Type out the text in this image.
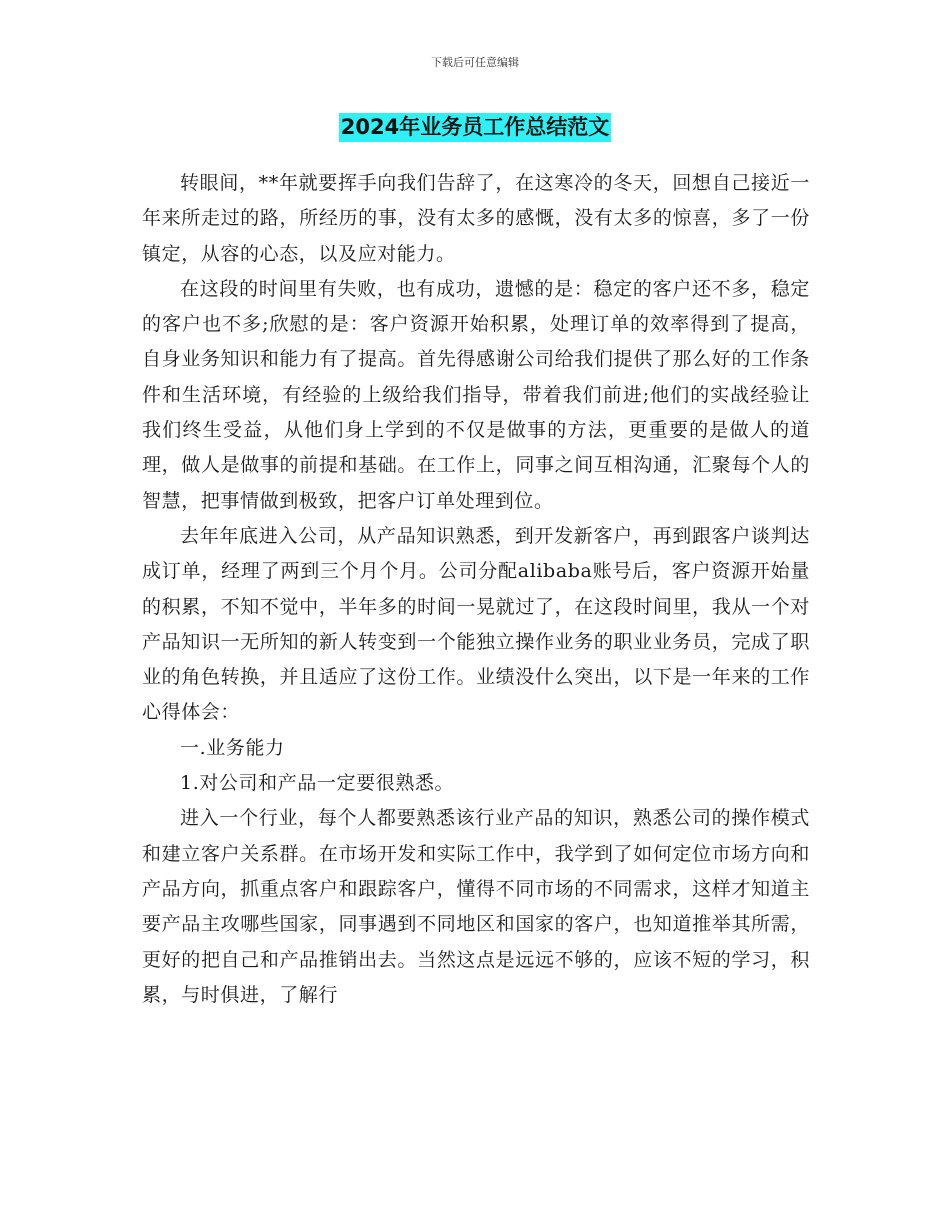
下载后可任意编辑
2024年业务员工作总结范文

转眼间，**年就要挥手向我们告辞了，在这寒冷的冬天，回想自己接近一年来所走过的路，所经历的事，没有太多的感慨，没有太多的惊喜，多了一份镇定，从容的心态，以及应对能力。

在这段的时间里有失败，也有成功，遗憾的是：稳定的客户还不多，稳定的客户也不多;欣慰的是：客户资源开始积累，处理订单的效率得到了提高，自身业务知识和能力有了提高。首先得感谢公司给我们提供了那么好的工作条件和生活环境，有经验的上级给我们指导，带着我们前进;他们的实战经验让我们终生受益，从他们身上学到的不仅是做事的方法，更重要的是做人的道理，做人是做事的前提和基础。在工作上，同事之间互相沟通，汇聚每个人的智慧，把事情做到极致，把客户订单处理到位。

去年年底进入公司，从产品知识熟悉，到开发新客户，再到跟客户谈判达成订单，经理了两到三个月个月。公司分配alibaba账号后，客户资源开始量的积累，不知不觉中，半年多的时间一晃就过了，在这段时间里，我从一个对产品知识一无所知的新人转变到一个能独立操作业务的职业业务员，完成了职业的角色转换，并且适应了这份工作。业绩没什么突出，以下是一年来的工作心得体会：

一.业务能力

1.对公司和产品一定要很熟悉。

进入一个行业，每个人都要熟悉该行业产品的知识，熟悉公司的操作模式和建立客户关系群。在市场开发和实际工作中，我学到了如何定位市场方向和产品方向，抓重点客户和跟踪客户，懂得不同市场的不同需求，这样才知道主要产品主攻哪些国家，同事遇到不同地区和国家的客户，也知道推举其所需，更好的把自己和产品推销出去。当然这点是远远不够的，应该不短的学习，积累，与时俱进，了解行
